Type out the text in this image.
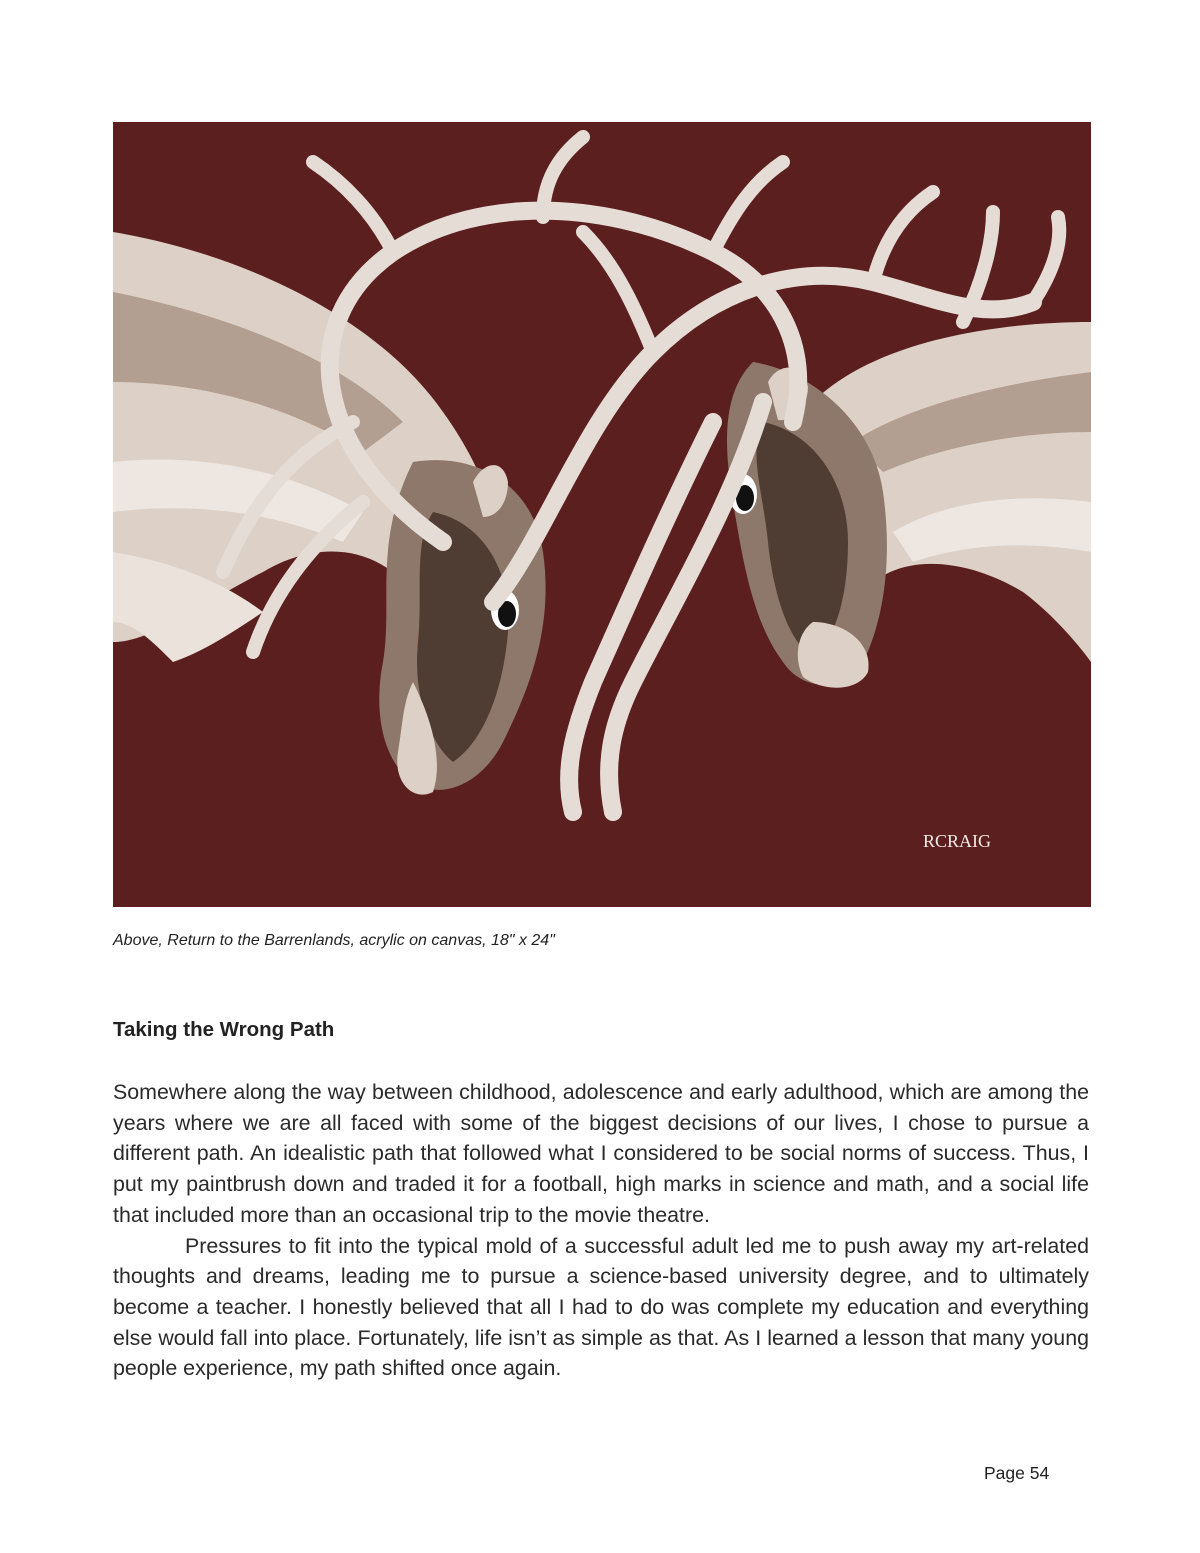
RCRAIG
Above, Return to the Barrenlands, acrylic on canvas, 18" x 24"
Taking the Wrong Path

Somewhere along the way between childhood, adolescence and early adulthood, which are among the years where we are all faced with some of the biggest decisions of our lives, I chose to pursue a different path. An idealistic path that followed what I considered to be social norms of success. Thus, I put my paintbrush down and traded it for a football, high marks in science and math, and a social life that included more than an occasional trip to the movie theatre.

Pressures to fit into the typical mold of a successful adult led me to push away my art-related thoughts and dreams, leading me to pursue a science-based university degree, and to ultimately become a teacher. I honestly believed that all I had to do was complete my education and everything else would fall into place. Fortunately, life isn’t as simple as that. As I learned a lesson that many young people experience, my path shifted once again.

Page 54
